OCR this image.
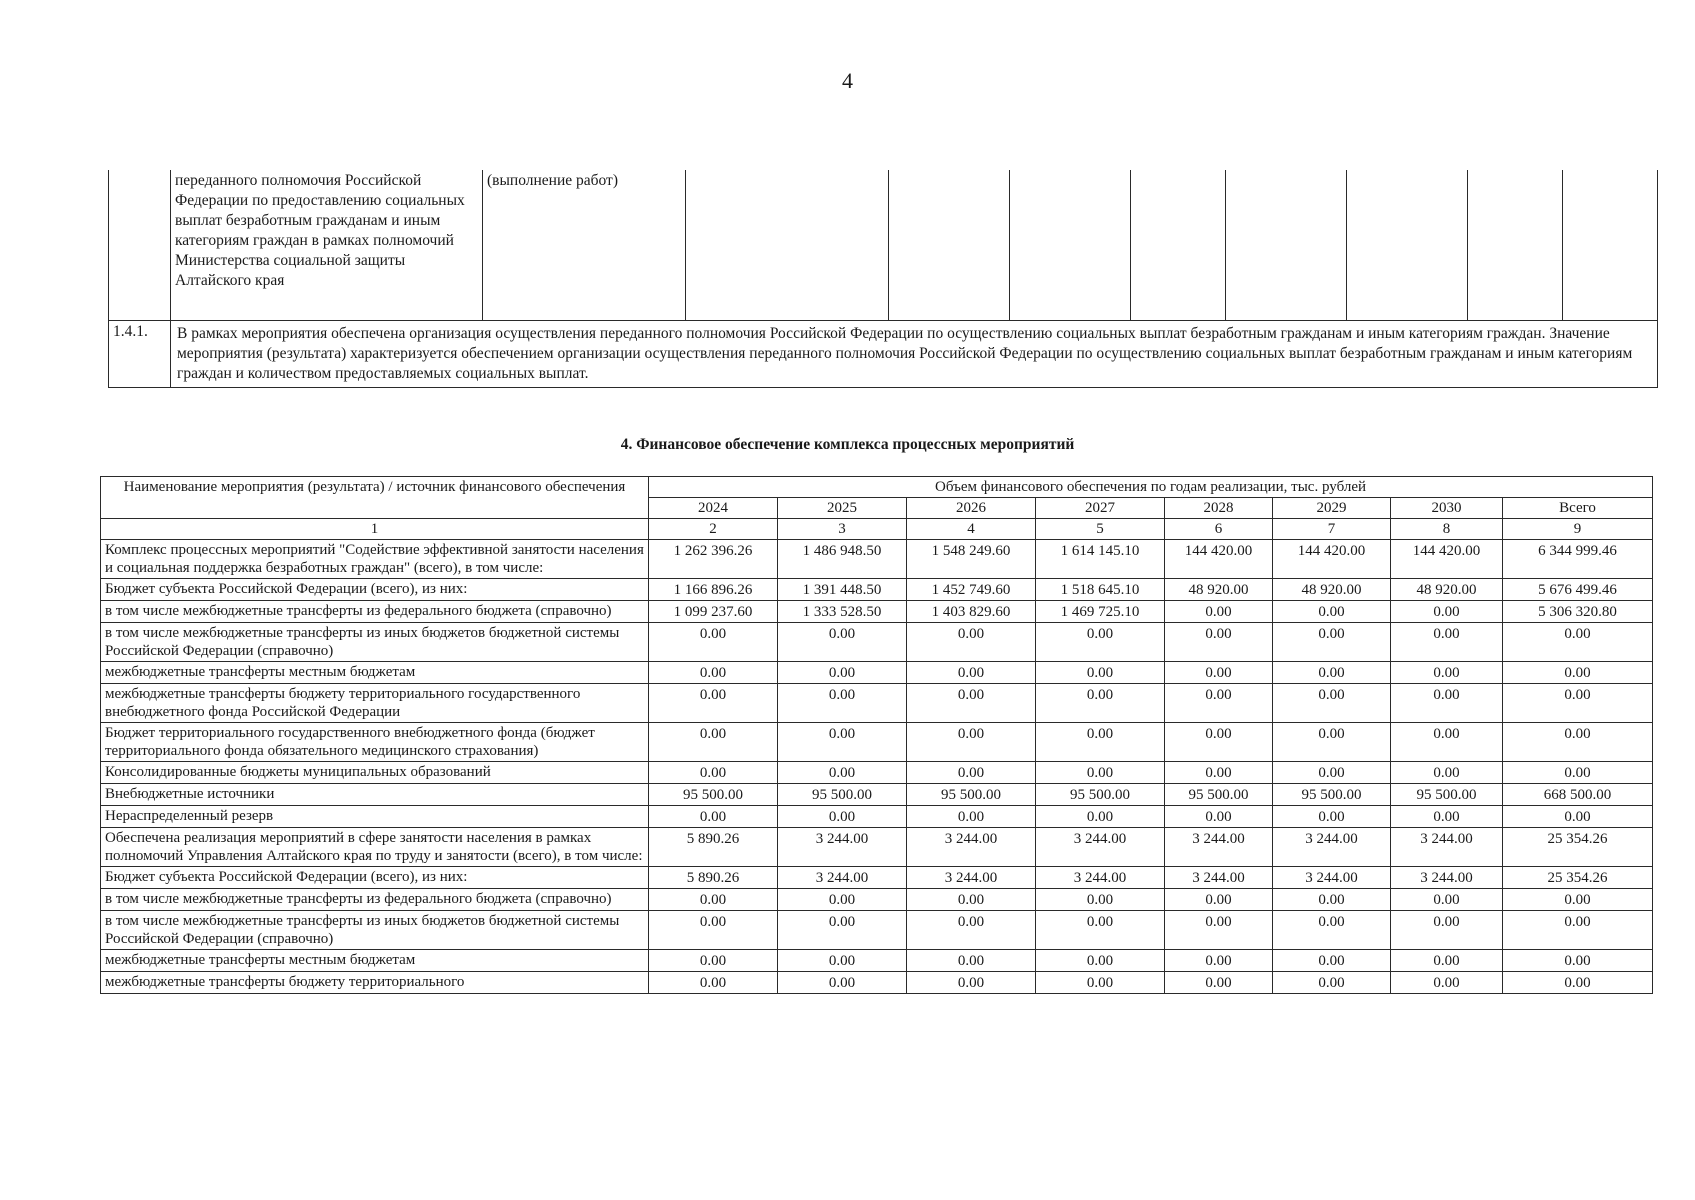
4
	переданного полномочия Российской Федерации по предоставлению социальных выплат безработным гражданам и иным категориям граждан в рамках полномочий Министерства социальной защиты Алтайского края	(выполнение работ)								
1.4.1.	В рамках мероприятия обеспечена организация осуществления переданного полномочия Российской Федерации по осуществлению социальных выплат безработным гражданам и иным категориям граждан. Значение мероприятия (результата) характеризуется обеспечением организации осуществления переданного полномочия Российской Федерации по осуществлению социальных выплат безработным гражданам и иным категориям граждан и количеством предоставляемых социальных выплат.									
4. Финансовое обеспечение комплекса процессных мероприятий
Наименование мероприятия (результата) / источник финансового обеспечения	Объем финансового обеспечения по годам реализации, тыс. рублей							
	2024	2025	2026	2027	2028	2029	2030	Всего
1	2	3	4	5	6	7	8	9
Комплекс процессных мероприятий "Содействие эффективной занятости населения и социальная поддержка безработных граждан" (всего), в том числе:	1 262 396.26	1 486 948.50	1 548 249.60	1 614 145.10	144 420.00	144 420.00	144 420.00	6 344 999.46
Бюджет субъекта Российской Федерации (всего), из них:	1 166 896.26	1 391 448.50	1 452 749.60	1 518 645.10	48 920.00	48 920.00	48 920.00	5 676 499.46
в том числе межбюджетные трансферты из федерального бюджета (справочно)	1 099 237.60	1 333 528.50	1 403 829.60	1 469 725.10	0.00	0.00	0.00	5 306 320.80
в том числе межбюджетные трансферты из иных бюджетов бюджетной системы Российской Федерации (справочно)	0.00	0.00	0.00	0.00	0.00	0.00	0.00	0.00
межбюджетные трансферты местным бюджетам	0.00	0.00	0.00	0.00	0.00	0.00	0.00	0.00
межбюджетные трансферты бюджету территориального государственного внебюджетного фонда Российской Федерации	0.00	0.00	0.00	0.00	0.00	0.00	0.00	0.00
Бюджет территориального государственного внебюджетного фонда (бюджет территориального фонда обязательного медицинского страхования)	0.00	0.00	0.00	0.00	0.00	0.00	0.00	0.00
Консолидированные бюджеты муниципальных образований	0.00	0.00	0.00	0.00	0.00	0.00	0.00	0.00
Внебюджетные источники	95 500.00	95 500.00	95 500.00	95 500.00	95 500.00	95 500.00	95 500.00	668 500.00
Нераспределенный резерв	0.00	0.00	0.00	0.00	0.00	0.00	0.00	0.00
Обеспечена реализация мероприятий в сфере занятости населения в рамках полномочий Управления Алтайского края по труду и занятости (всего), в том числе:	5 890.26	3 244.00	3 244.00	3 244.00	3 244.00	3 244.00	3 244.00	25 354.26
Бюджет субъекта Российской Федерации (всего), из них:	5 890.26	3 244.00	3 244.00	3 244.00	3 244.00	3 244.00	3 244.00	25 354.26
в том числе межбюджетные трансферты из федерального бюджета (справочно)	0.00	0.00	0.00	0.00	0.00	0.00	0.00	0.00
в том числе межбюджетные трансферты из иных бюджетов бюджетной системы Российской Федерации (справочно)	0.00	0.00	0.00	0.00	0.00	0.00	0.00	0.00
межбюджетные трансферты местным бюджетам	0.00	0.00	0.00	0.00	0.00	0.00	0.00	0.00
межбюджетные трансферты бюджету территориального	0.00	0.00	0.00	0.00	0.00	0.00	0.00	0.00
